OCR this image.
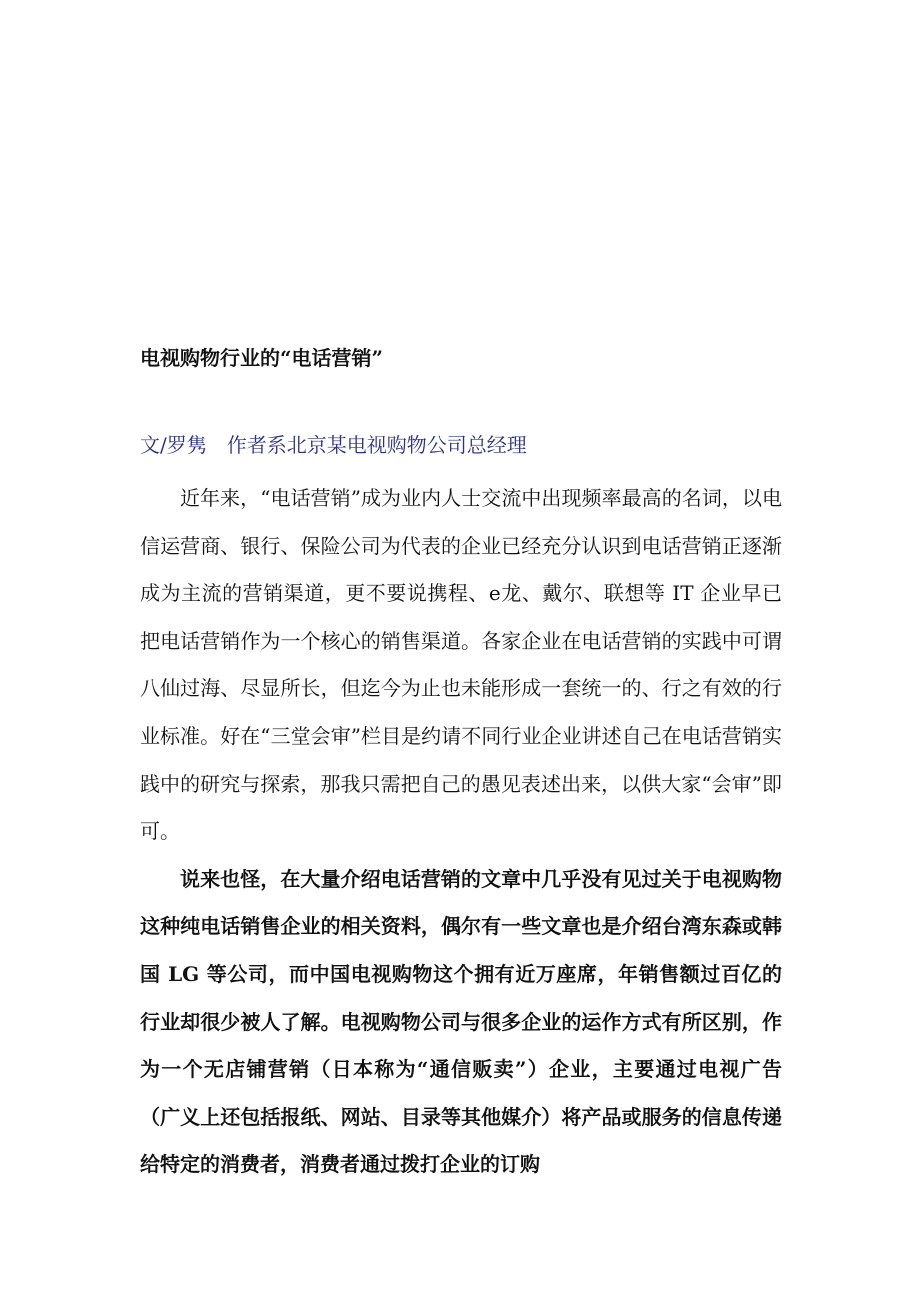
电视购物行业的“电话营销”
文/罗隽　作者系北京某电视购物公司总经理

近年来，“电话营销”成为业内人士交流中出现频率最高的名词，以电信运营商、银行、保险公司为代表的企业已经充分认识到电话营销正逐渐成为主流的营销渠道，更不要说携程、e龙、戴尔、联想等 IT 企业早已把电话营销作为一个核心的销售渠道。各家企业在电话营销的实践中可谓八仙过海、尽显所长，但迄今为止也未能形成一套统一的、行之有效的行业标准。好在“三堂会审”栏目是约请不同行业企业讲述自己在电话营销实践中的研究与探索，那我只需把自己的愚见表述出来，以供大家“会审”即可。

说来也怪，在大量介绍电话营销的文章中几乎没有见过关于电视购物这种纯电话销售企业的相关资料，偶尔有一些文章也是介绍台湾东森或韩国 LG 等公司，而中国电视购物这个拥有近万座席，年销售额过百亿的行业却很少被人了解。电视购物公司与很多企业的运作方式有所区别，作为一个无店铺营销（日本称为“通信贩卖”）企业，主要通过电视广告（广义上还包括报纸、网站、目录等其他媒介）将产品或服务的信息传递给特定的消费者，消费者通过拨打企业的订购
